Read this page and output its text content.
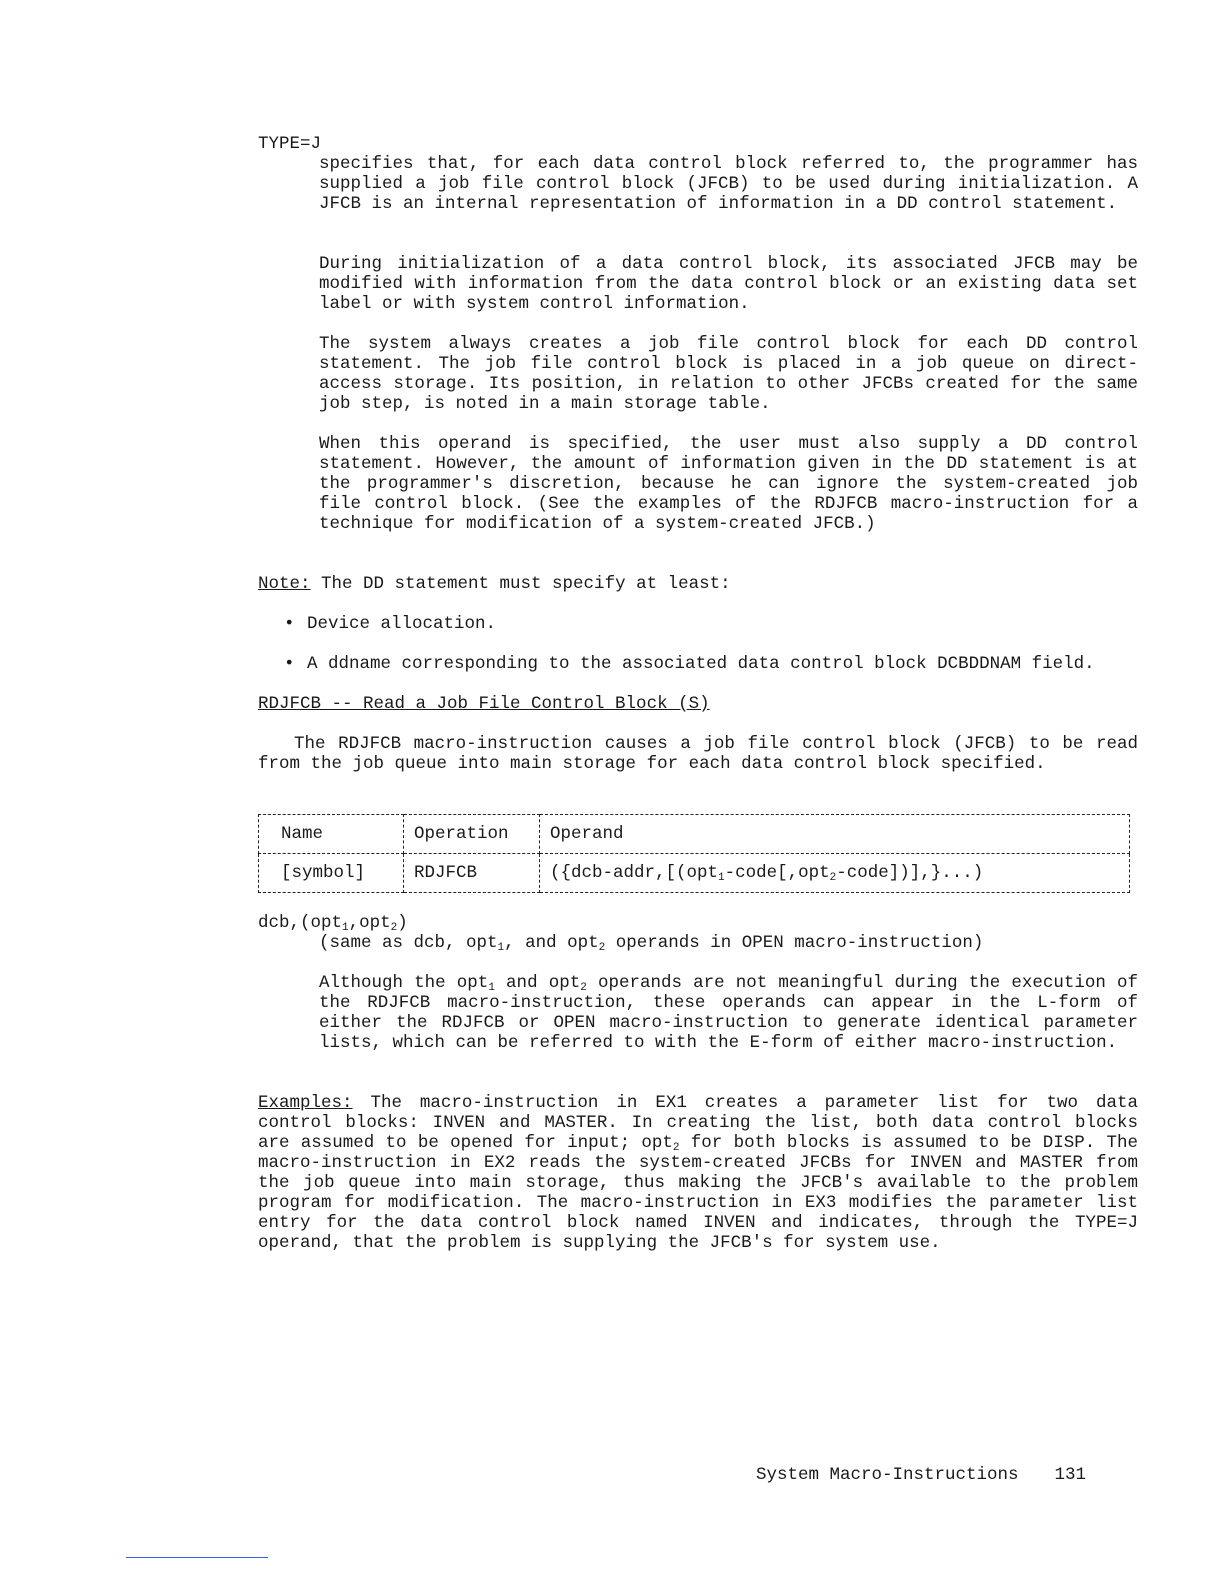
TYPE=J

specifies that, for each data control block referred to, the programmer has supplied a job file control block (JFCB) to be used during initialization. A JFCB is an internal representation of information in a DD control statement.

During initialization of a data control block, its associated JFCB may be modified with information from the data control block or an existing data set label or with system control information.

The system always creates a job file control block for each DD control statement. The job file control block is placed in a job queue on direct-access storage. Its position, in relation to other JFCBs created for the same job step, is noted in a main storage table.

When this operand is specified, the user must also supply a DD control statement. However, the amount of information given in the DD statement is at the programmer's discretion, because he can ignore the system-created job file control block. (See the examples of the RDJFCB macro-instruction for a technique for modification of a system-created JFCB.)

Note: The DD statement must specify at least:

• Device allocation.
• A ddname corresponding to the associated data control block DCBDDNAM field.

RDJFCB -- Read a Job File Control Block (S)

The RDJFCB macro-instruction causes a job file control block (JFCB) to be read from the job queue into main storage for each data control block specified.

Name	Operation	Operand
[symbol]	RDJFCB	({dcb-addr,[(opt$_1$-code[,opt$_2$-code])],}...)

dcb,(opt$_1$,opt$_2$)

(same as dcb, opt$_1$, and opt$_2$ operands in OPEN macro-instruction)

Although the opt$_1$ and opt$_2$ operands are not meaningful during the execution of the RDJFCB macro-instruction, these operands can appear in the L-form of either the RDJFCB or OPEN macro-instruction to generate identical parameter lists, which can be referred to with the E-form of either macro-instruction.

Examples: The macro-instruction in EX1 creates a parameter list for two data control blocks: INVEN and MASTER. In creating the list, both data control blocks are assumed to be opened for input; opt$_2$ for both blocks is assumed to be DISP. The macro-instruction in EX2 reads the system-created JFCBs for INVEN and MASTER from the job queue into main storage, thus making the JFCB's available to the problem program for modification. The macro-instruction in EX3 modifies the parameter list entry for the data control block named INVEN and indicates, through the TYPE=J operand, that the problem is supplying the JFCB's for system use.

System Macro-Instructions 131
